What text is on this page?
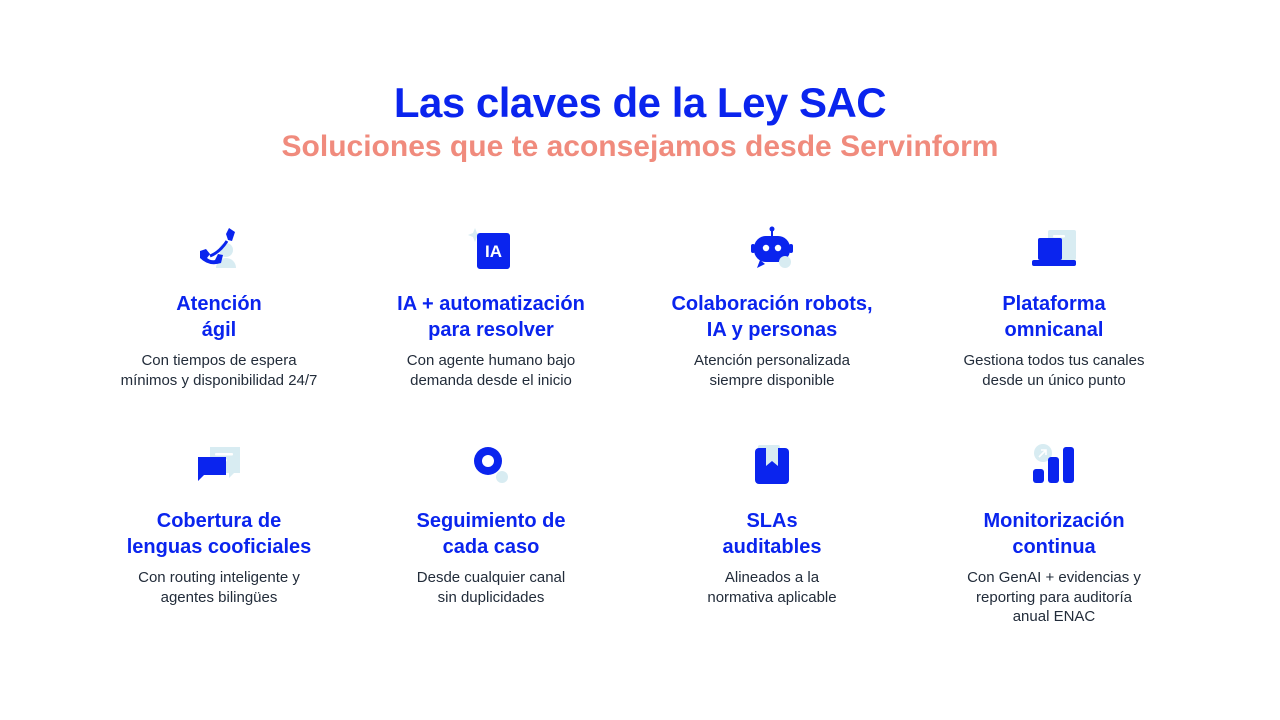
Las claves de la Ley SAC
Soluciones que te aconsejamos desde Servinform
Atención
ágil
Con tiempos de espera
mínimos y disponibilidad 24/7
IA
IA + automatización
para resolver
Con agente humano bajo
demanda desde el inicio
Colaboración robots,
IA y personas
Atención personalizada
siempre disponible
Plataforma
omnicanal
Gestiona todos tus canales
desde un único punto
Cobertura de
lenguas cooficiales
Con routing inteligente y
agentes bilingües
Seguimiento de
cada caso
Desde cualquier canal
sin duplicidades
SLAs
auditables
Alineados a la
normativa aplicable
Monitorización
continua
Con GenAI + evidencias y
reporting para auditoría
anual ENAC
